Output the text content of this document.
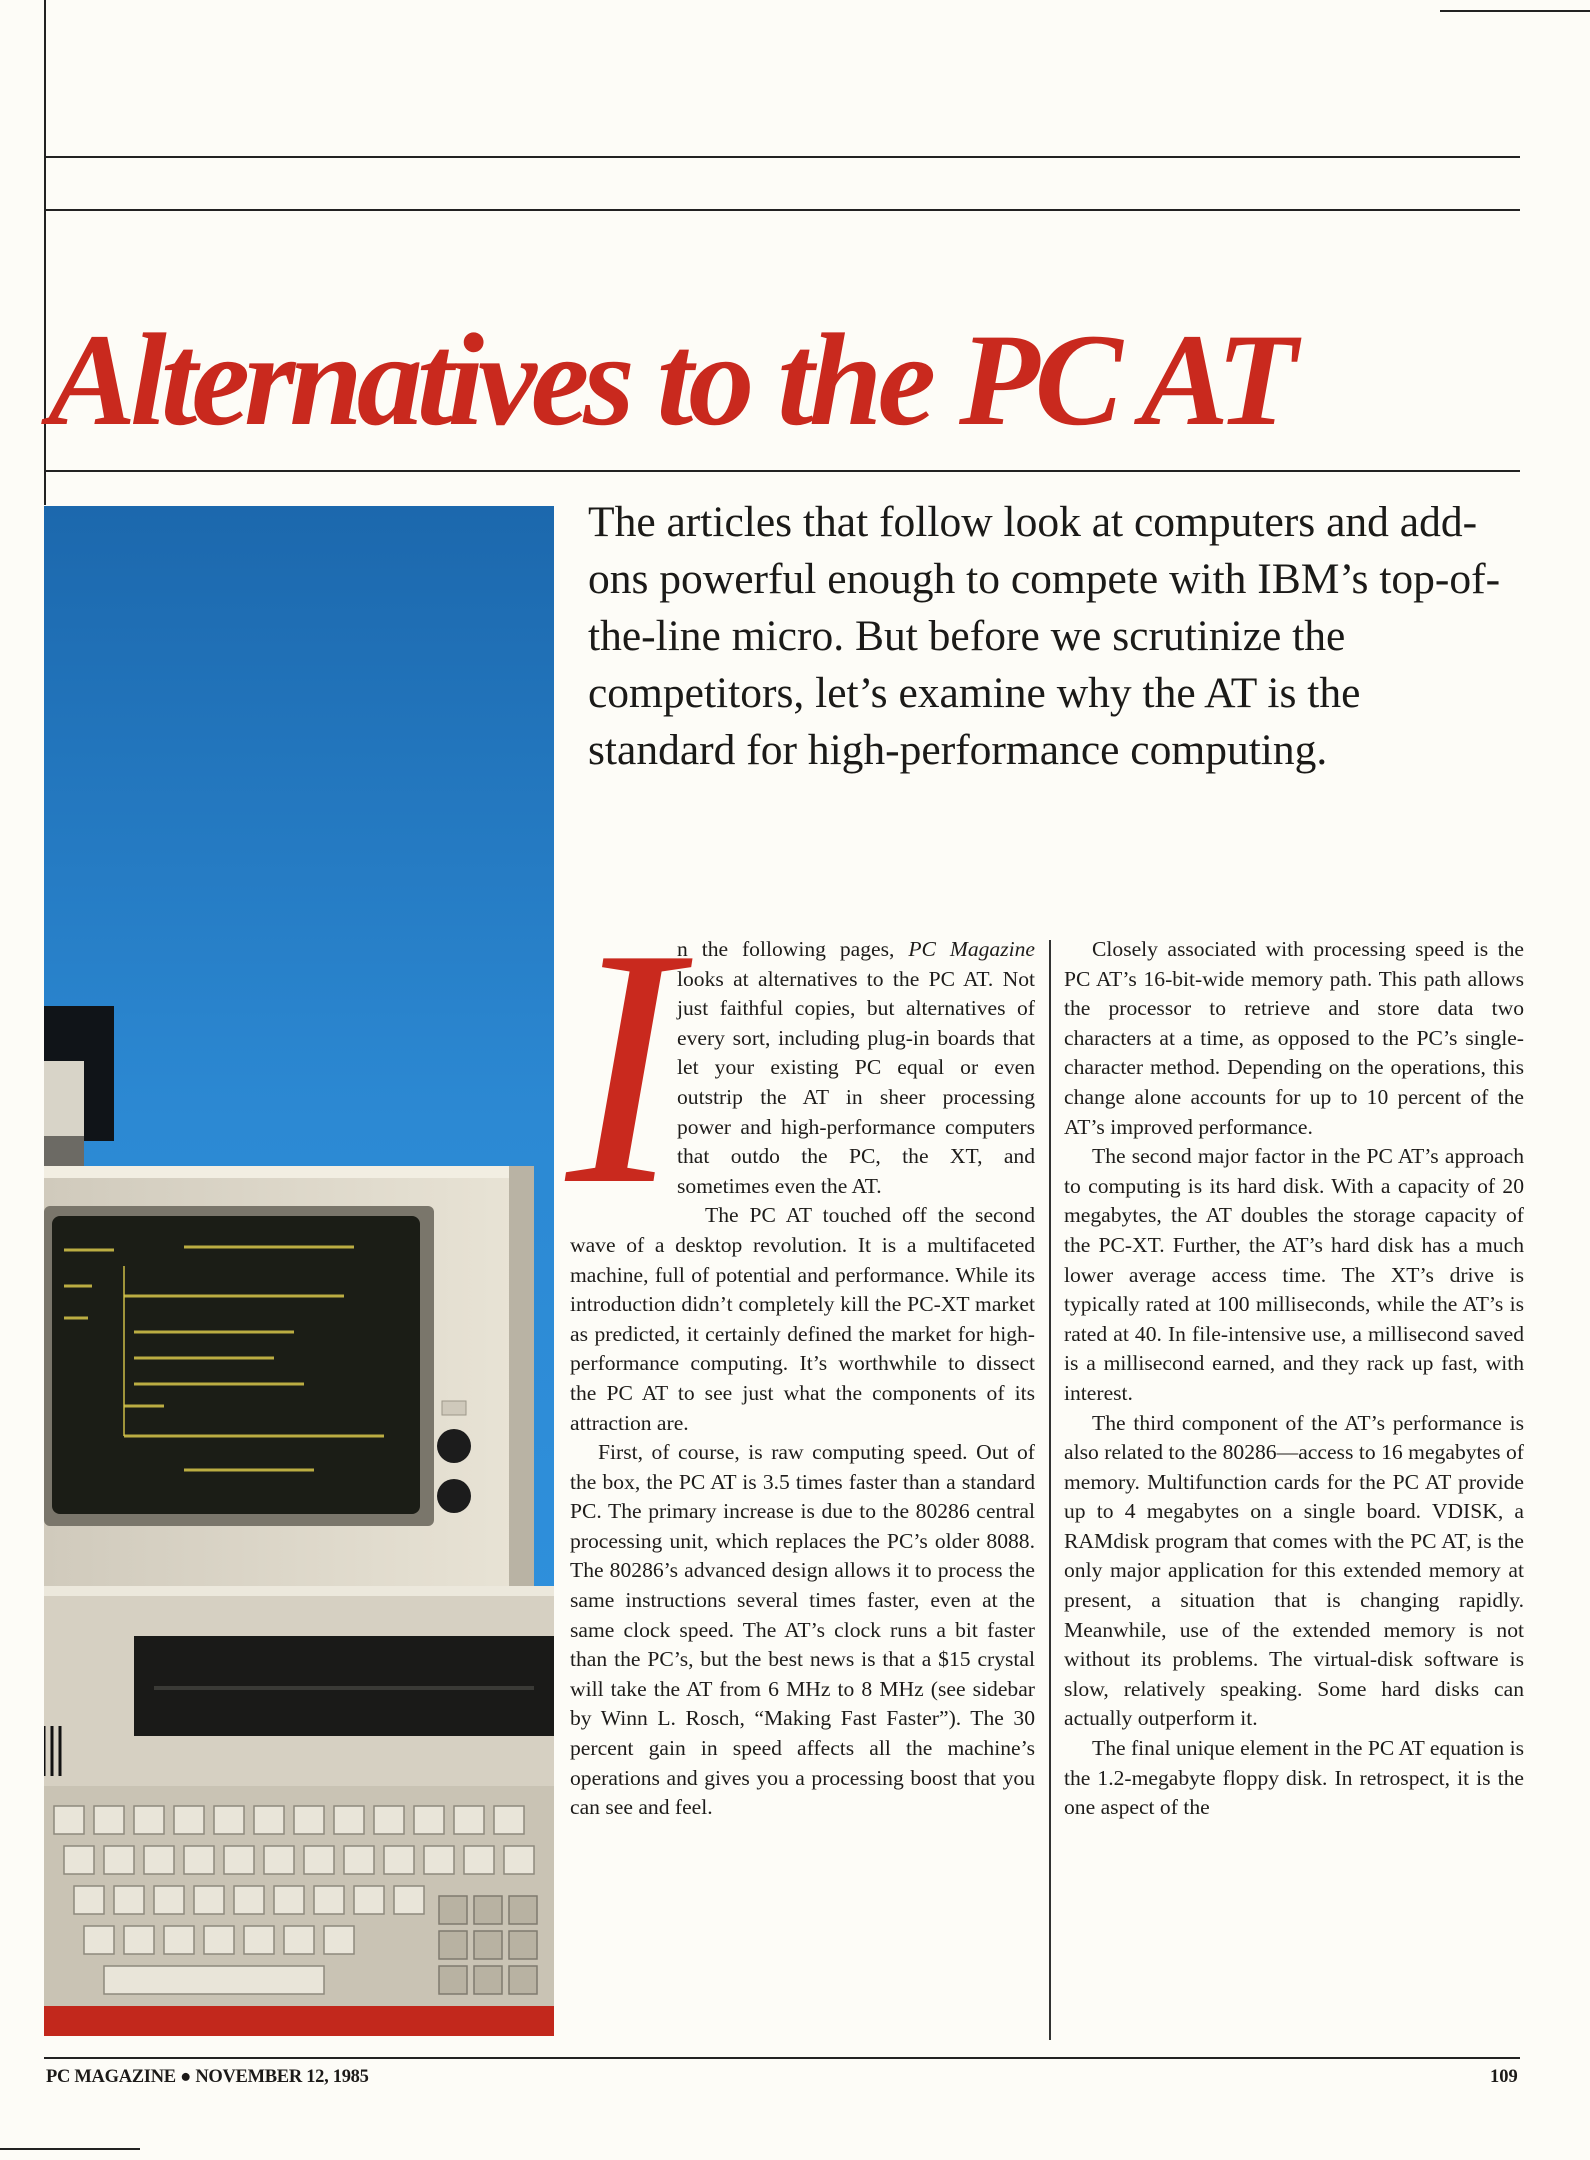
Alternatives to the PC AT

The articles that follow look at computers and add-ons powerful enough to compete with IBM’s top-of-the-line micro. But before we scrutinize the competitors, let’s examine why the AT is the standard for high-performance computing.

I

n the following pages, PC Magazine looks at alternatives to the PC AT. Not just faithful copies, but alternatives of every sort, including plug-in boards that let your existing PC equal or even outstrip the AT in sheer processing power and high-performance computers that outdo the PC, the XT, and sometimes even the AT.

The PC AT touched off the second wave of a desktop revolution. It is a multifaceted machine, full of potential and performance. While its introduction didn’t completely kill the PC-XT market as predicted, it certainly defined the market for high-performance computing. It’s worthwhile to dissect the PC AT to see just what the components of its attraction are.

First, of course, is raw computing speed. Out of the box, the PC AT is 3.5 times faster than a standard PC. The primary increase is due to the 80286 central processing unit, which replaces the PC’s older 8088. The 80286’s advanced design allows it to process the same instructions several times faster, even at the same clock speed. The AT’s clock runs a bit faster than the PC’s, but the best news is that a $15 crystal will take the AT from 6 MHz to 8 MHz (see sidebar by Winn L. Rosch, “Making Fast Faster”). The 30 percent gain in speed affects all the machine’s operations and gives you a processing boost that you can see and feel.

Closely associated with processing speed is the PC AT’s 16-bit-wide memory path. This path allows the processor to retrieve and store data two characters at a time, as opposed to the PC’s single-character method. Depending on the operations, this change alone accounts for up to 10 percent of the AT’s improved performance.

The second major factor in the PC AT’s approach to computing is its hard disk. With a capacity of 20 megabytes, the AT doubles the storage capacity of the PC-XT. Further, the AT’s hard disk has a much lower average access time. The XT’s drive is typically rated at 100 milliseconds, while the AT’s is rated at 40. In file-intensive use, a millisecond saved is a millisecond earned, and they rack up fast, with interest.

The third component of the AT’s performance is also related to the 80286—access to 16 megabytes of memory. Multifunction cards for the PC AT provide up to 4 megabytes on a single board. VDISK, a RAMdisk program that comes with the PC AT, is the only major application for this extended memory at present, a situation that is changing rapidly. Meanwhile, use of the extended memory is not without its problems. The virtual-disk software is slow, relatively speaking. Some hard disks can actually outperform it.

The final unique element in the PC AT equation is the 1.2-megabyte floppy disk. In retrospect, it is the one aspect of the

PC MAGAZINE ● NOVEMBER 12, 1985	109
